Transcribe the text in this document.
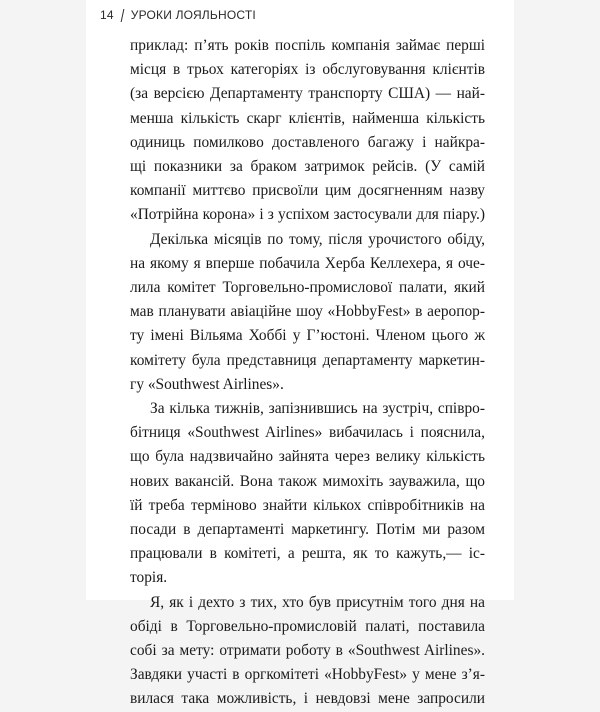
14 УРОКИ ЛОЯЛЬНОСТІ
приклад: п’ять років поспіль компанія займає перші
місця в трьох категоріях із обслуговування клієнтів
(за версією Департаменту транспорту США) — най-
менша кількість скарг клієнтів, найменша кількість
одиниць помилково доставленого багажу і найкра-
щі показники за браком затримок рейсів. (У самій
компанії миттєво присвоїли цим досягненням назву
«Потрійна корона» і з успіхом застосували для піару.)
Декілька місяців по тому, після урочистого обіду,
на якому я вперше побачила Херба Келлехера, я оче-
лила комітет Торговельно-промислової палати, який
мав планувати авіаційне шоу «HobbyFest» в аеропор-
ту імені Вільяма Хоббі у Г’юстоні. Членом цього ж
комітету була представниця департаменту маркетин-
гу «Southwest Airlines».
За кілька тижнів, запізнившись на зустріч, співро-
бітниця «Southwest Airlines» вибачилась і пояснила,
що була надзвичайно зайнята через велику кількість
нових вакансій. Вона також мимохіть зауважила, що
їй треба терміново знайти кількох співробітників на
посади в департаменті маркетингу. Потім ми разом
працювали в комітеті, а решта, як то кажуть,— іс-
торія.
Я, як і дехто з тих, хто був присутнім того дня на
обіді в Торговельно-промисловій палаті, поставила
собі за мету: отримати роботу в «Southwest Airlines».
Завдяки участі в оргкомітеті «HobbyFest» у мене з’я-
вилася така можливість, і невдовзі мене запросили
